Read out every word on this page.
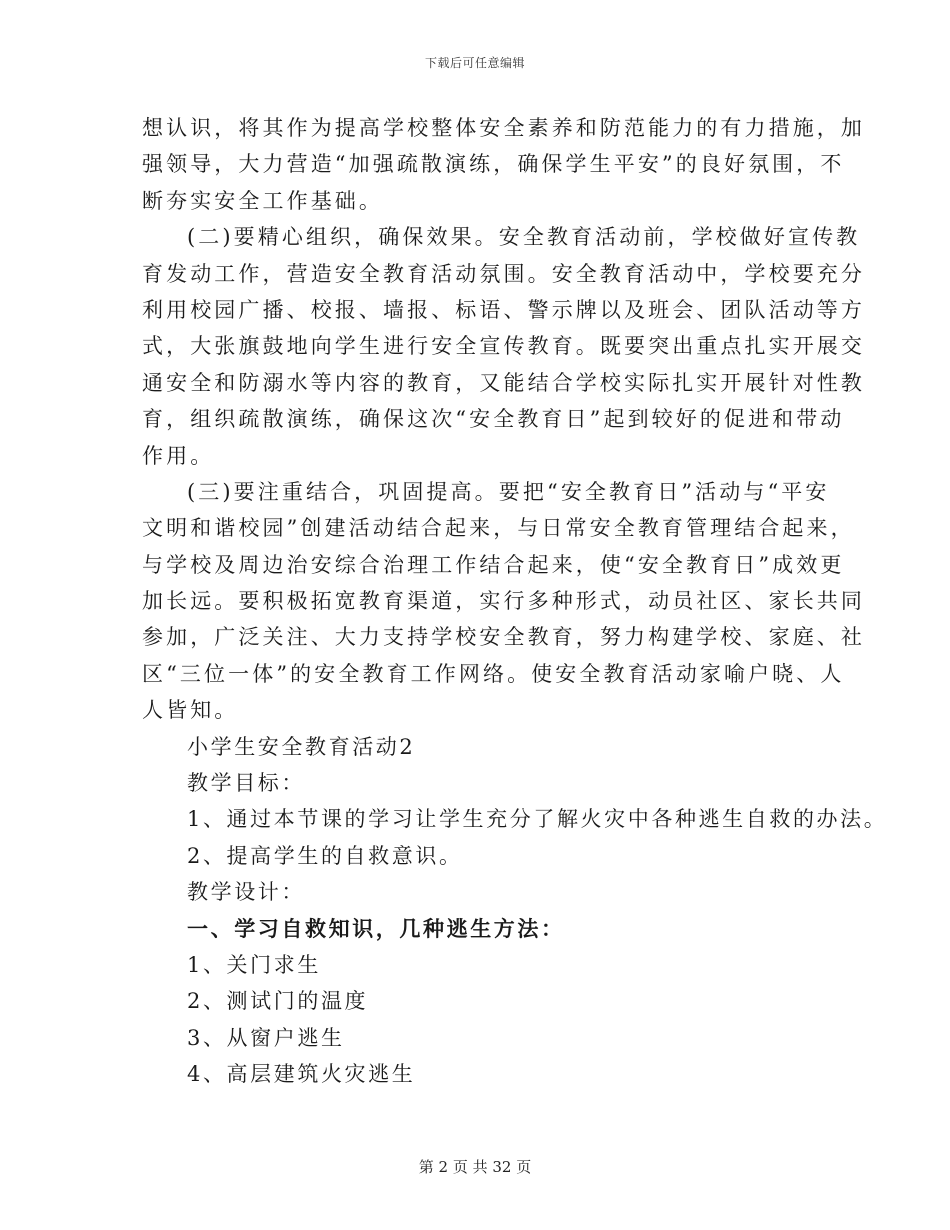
下载后可任意编辑
想认识，将其作为提高学校整体安全素养和防范能力的有力措施，加
强领导，大力营造“加强疏散演练，确保学生平安”的良好氛围，不
断夯实安全工作基础。
(二)要精心组织，确保效果。安全教育活动前，学校做好宣传教
育发动工作，营造安全教育活动氛围。安全教育活动中，学校要充分
利用校园广播、校报、墙报、标语、警示牌以及班会、团队活动等方
式，大张旗鼓地向学生进行安全宣传教育。既要突出重点扎实开展交
通安全和防溺水等内容的教育，又能结合学校实际扎实开展针对性教
育，组织疏散演练，确保这次“安全教育日”起到较好的促进和带动
作用。
(三)要注重结合，巩固提高。要把“安全教育日”活动与“平安
文明和谐校园”创建活动结合起来，与日常安全教育管理结合起来，
与学校及周边治安综合治理工作结合起来，使“安全教育日”成效更
加长远。要积极拓宽教育渠道，实行多种形式，动员社区、家长共同
参加，广泛关注、大力支持学校安全教育，努力构建学校、家庭、社
区“三位一体”的安全教育工作网络。使安全教育活动家喻户晓、人
人皆知。
小学生安全教育活动2
教学目标：
1、通过本节课的学习让学生充分了解火灾中各种逃生自救的办法。
2、提高学生的自救意识。
教学设计：
一、学习自救知识，几种逃生方法：
1、关门求生
2、测试门的温度
3、从窗户逃生
4、高层建筑火灾逃生
第 2 页 共 32 页
